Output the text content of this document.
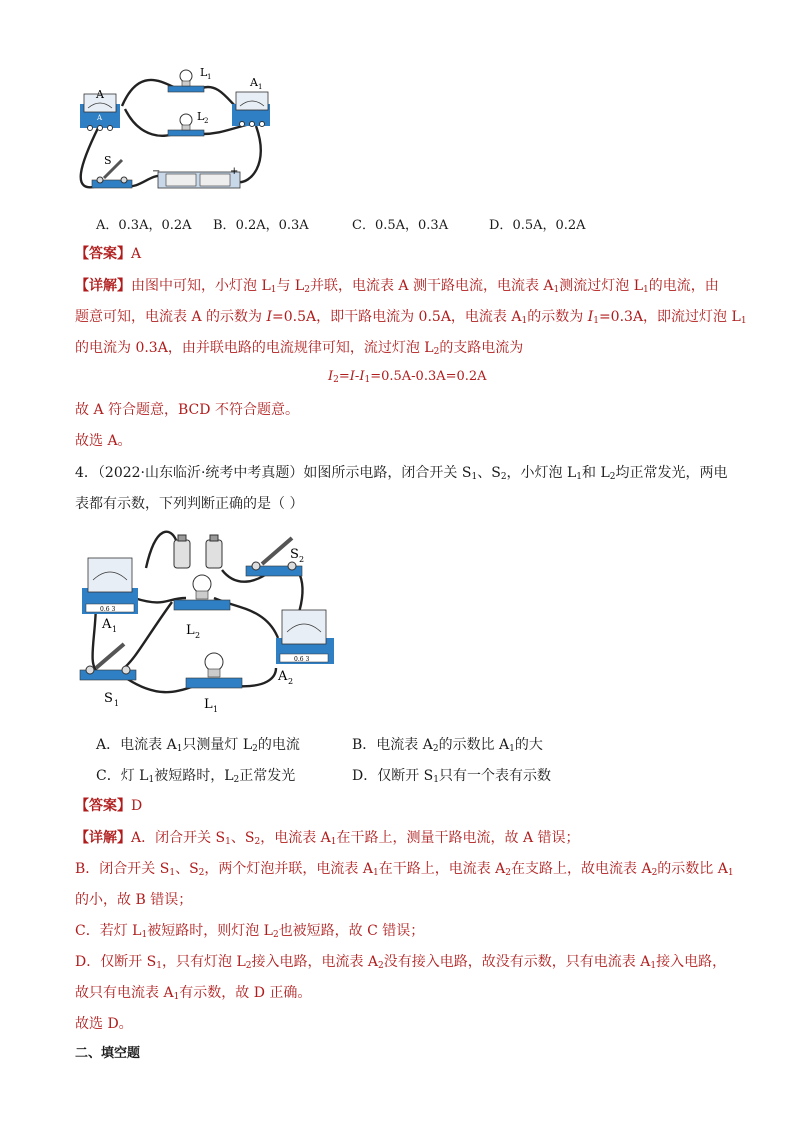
A
A
L 1
L 2
A 1
S
−	+
A．0.3A，0.2A B．0.2A，0.3A	C．0.5A，0.3A	D．0.5A，0.2A
【答案】A
【详解】由图中可知，小灯泡 $L_1$与 $L_2$并联，电流表 A 测干路电流，电流表 $A_1$测流过灯泡 $L_1$的电流，由
题意可知，电流表 A 的示数为 I=0.5A，即干路电流为 0.5A，电流表 $A_1$的示数为 $I_1=0.3A$，即流过灯泡 $L_1$
的电流为 0.3A，由并联电路的电流规律可知，流过灯泡 $L_2$的支路电流为
$I_2=I-I_1=0.5A-0.3A=0.2A$
故 A 符合题意，BCD 不符合题意。
故选 A。
4．（2022·山东临沂·统考中考真题）如图所示电路，闭合开关 $S_1$、$S_2$，小灯泡 $L_1$和 $L_2$均正常发光，两电
表都有示数，下列判断正确的是（ ）
0.6 3
A 1	L 2
S 2
0.6 3
A 2
S 1	L 1
A．电流表 $A_1$只测量灯 $L_2$的电流	B．电流表 $A_2$的示数比 $A_1$的大
C．灯 $L_1$被短路时，$L_2$正常发光	D．仅断开 $S_1$只有一个表有示数
【答案】D
【详解】A．闭合开关 $S_1$、$S_2$，电流表 $A_1$在干路上，测量干路电流，故 A 错误；
B．闭合开关 $S_1$、$S_2$，两个灯泡并联，电流表 $A_1$在干路上，电流表 $A_2$在支路上，故电流表 $A_2$的示数比 $A_1$
的小，故 B 错误；
C．若灯 $L_1$被短路时，则灯泡 $L_2$也被短路，故 C 错误；
D．仅断开 $S_1$，只有灯泡 $L_2$接入电路，电流表 $A_2$没有接入电路，故没有示数，只有电流表 $A_1$接入电路，
故只有电流表 $A_1$有示数，故 D 正确。
故选 D。
二、填空题
